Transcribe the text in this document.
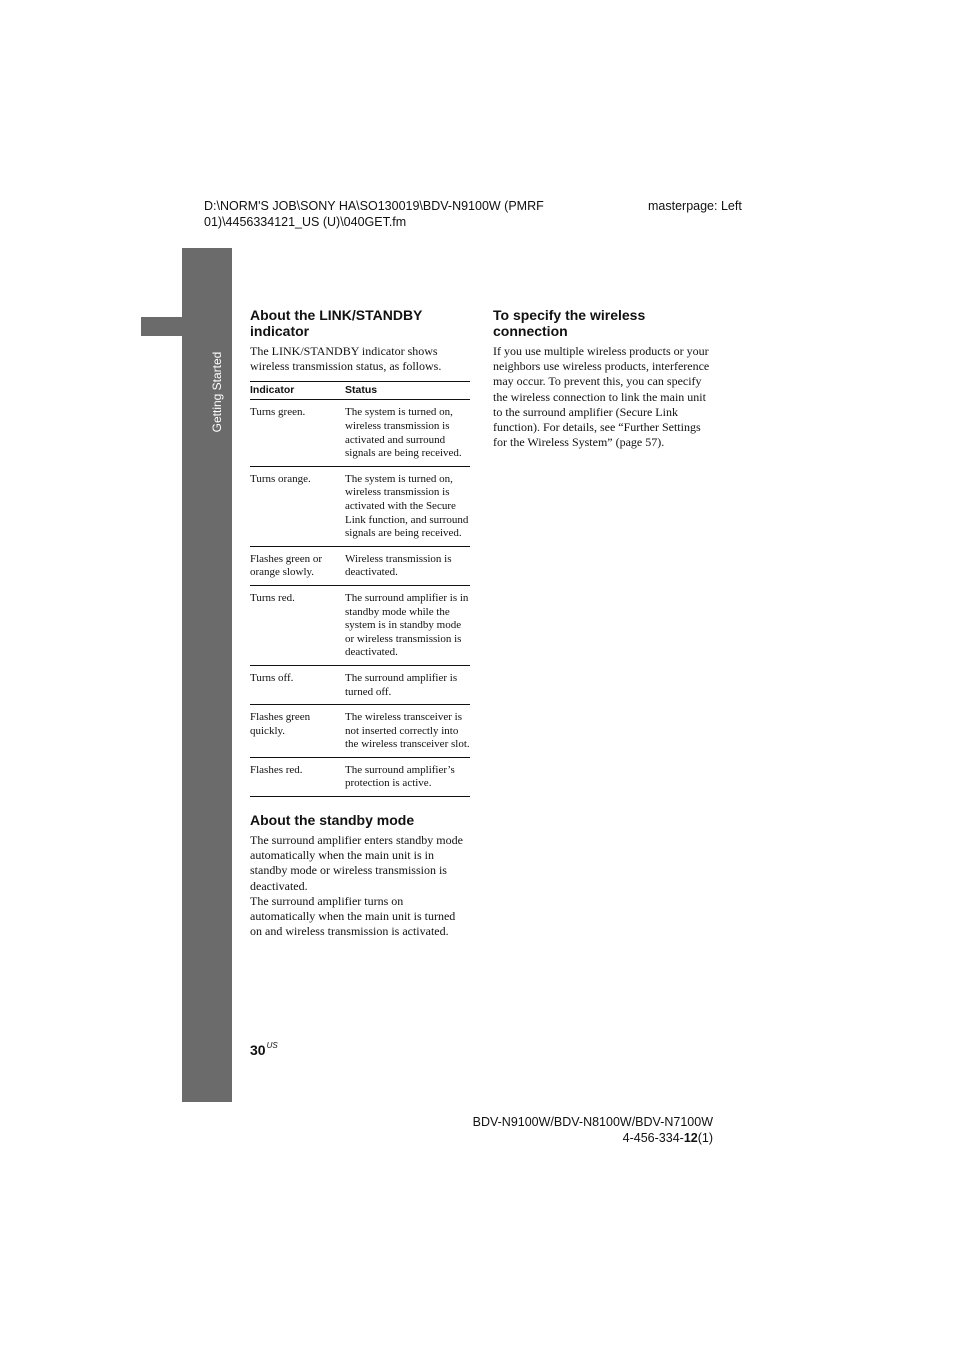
D:\NORM'S JOB\SONY HA\SO130019\BDV-N9100W (PMRF 01)\4456334121_US (U)\040GET.fm
masterpage: Left
Getting Started
About the LINK/STANDBY indicator

The LINK/STANDBY indicator shows wireless transmission status, as follows.

Indicator	Status
Turns green.	The system is turned on, wireless transmission is activated and surround signals are being received.
Turns orange.	The system is turned on, wireless transmission is activated with the Secure Link function, and surround signals are being received.
Flashes green or orange slowly.	Wireless transmission is deactivated.
Turns red.	The surround amplifier is in standby mode while the system is in standby mode or wireless transmission is deactivated.
Turns off.	The surround amplifier is turned off.
Flashes green quickly.	The wireless transceiver is not inserted correctly into the wireless transceiver slot.
Flashes red.	The surround amplifier’s protection is active.
About the standby mode

The surround amplifier enters standby mode automatically when the main unit is in standby mode or wireless transmission is deactivated.

The surround amplifier turns on automatically when the main unit is turned on and wireless transmission is activated.

To specify the wireless connection

If you use multiple wireless products or your neighbors use wireless products, interference may occur. To prevent this, you can specify the wireless connection to link the main unit to the surround amplifier (Secure Link function). For details, see “Further Settings for the Wireless System” (page 57).

$30^{US}$
BDV-N9100W/BDV-N8100W/BDV-N7100W
4-456-334-12(1)
